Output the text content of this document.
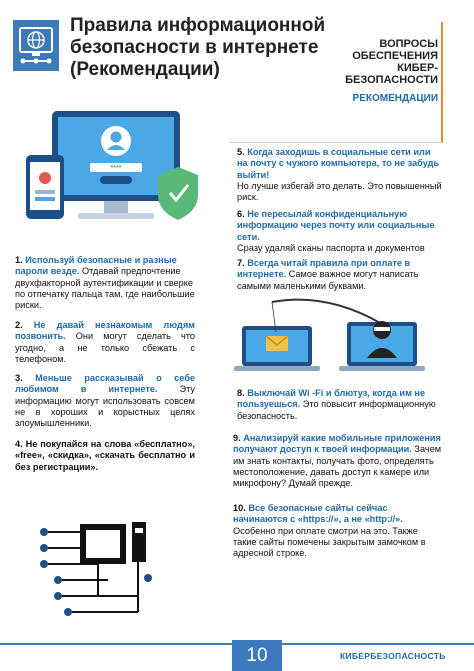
Правила информационной безопасности в интернете (Рекомендации)
ВОПРОСЫ
ОБЕСПЕЧЕНИЯ
КИБЕР-
БЕЗОПАСНОСТИ
РЕКОМЕНДАЦИИ
****
1. Используй безопасные и разные пароли везде. Отдавай предпочтение двухфакторной аутентификации и сверке по отпечатку пальца там, где наибольшие риски.
2. Не давай незнакомым людям позвонить. Они могут сделать что угодно, а не только сбежать с телефоном.
3. Меньше рассказывай о себе любимом в интернете. Эту информацию могут использовать совсем не в хороших и корыстных целях злоумышленники.
4. Не покупайся на слова «бесплатно», «free», «скидка», «скачать бесплатно и без регистрации».
5. Когда заходишь в социальные сети или на почту с чужого компьютера, то не забудь выйти!
Но лучше избегай это делать. Это повышенный риск.
6. Не пересылай конфиденциальную информацию через почту или социальные сети.
Сразу удаляй сканы паспорта и документов
7. Всегда читай правила при оплате в интернете. Самое важное могут написать самыми маленькими буквами.
8. Выключай Wi -Fi и блютуз, когда им не пользуешься. Это повысит информационную безопасность.
9. Анализируй какие мобильные приложения получают доступ к твоей информации. Зачем им знать контакты, получать фото, определять местоположение, давать доступ к камере или микрофону? Думай прежде.
10. Все безопасные сайты сейчас начинаются с «https://», а не «http://». Особенно при оплате смотри на это. Также такие сайты помечены закрытым замочком в адресной строке.
10	КИБЕРБЕЗОПАСНОСТЬ
